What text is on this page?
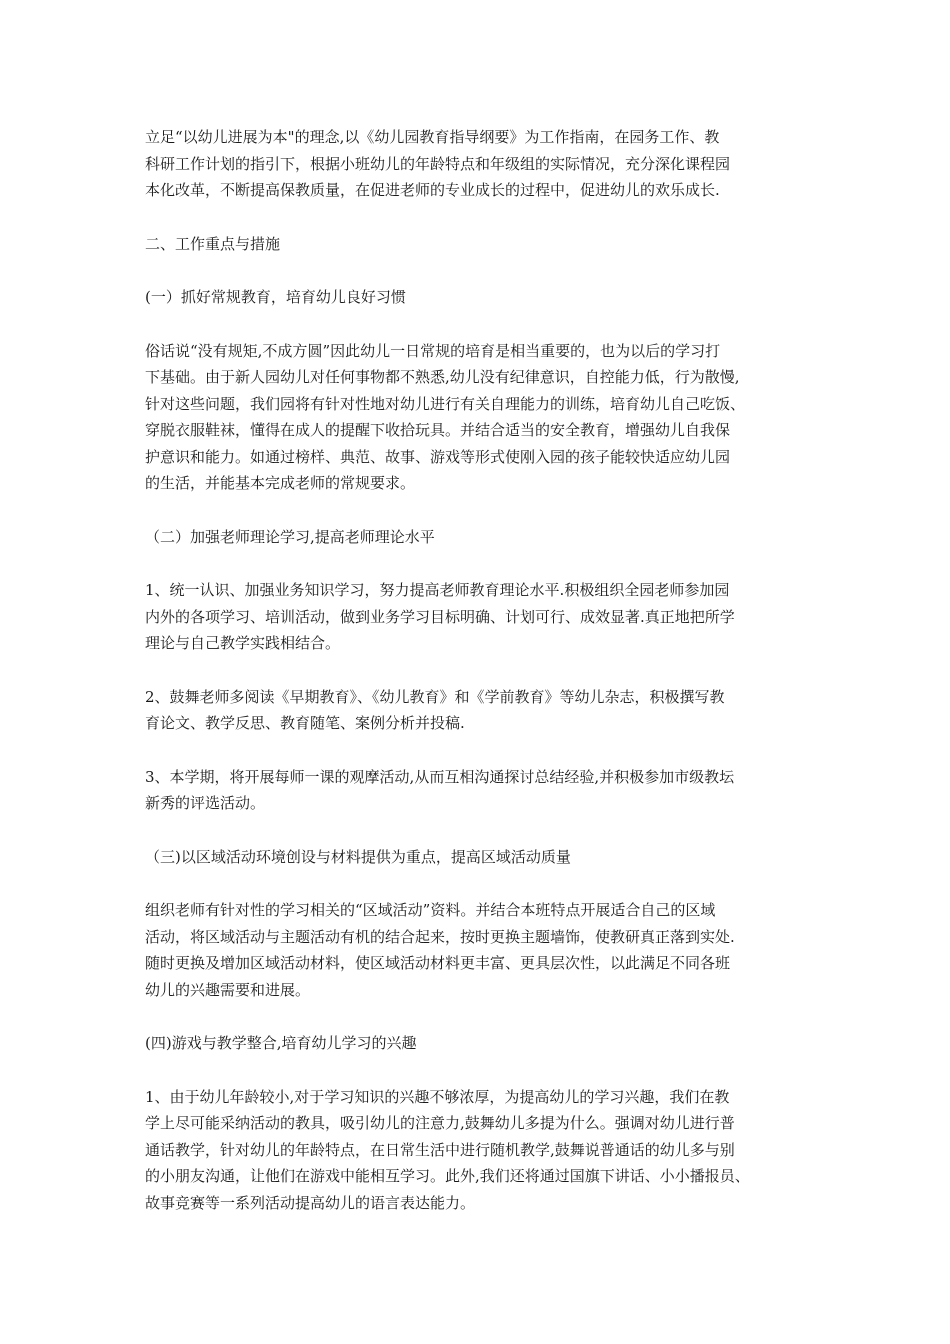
立足“以幼儿进展为本"的理念,以《幼儿园教育指导纲要》为工作指南，在园务工作、教
科研工作计划的指引下，根据小班幼儿的年龄特点和年级组的实际情况，充分深化课程园
本化改革，不断提高保教质量，在促进老师的专业成长的过程中，促进幼儿的欢乐成长.

二、工作重点与措施

(一）抓好常规教育，培育幼儿良好习惯

俗话说“没有规矩,不成方圆”因此幼儿一日常规的培育是相当重要的，也为以后的学习打
下基础。由于新人园幼儿对任何事物都不熟悉,幼儿没有纪律意识，自控能力低，行为散慢,
针对这些问题，我们园将有针对性地对幼儿进行有关自理能力的训练，培育幼儿自己吃饭、
穿脱衣服鞋袜，懂得在成人的提醒下收拾玩具。并结合适当的安全教育，增强幼儿自我保
护意识和能力。如通过榜样、典范、故事、游戏等形式使刚入园的孩子能较快适应幼儿园
的生活，并能基本完成老师的常规要求。

（二）加强老师理论学习,提高老师理论水平

1、统一认识、加强业务知识学习，努力提高老师教育理论水平.积极组织全园老师参加园
内外的各项学习、培训活动，做到业务学习目标明确、计划可行、成效显著.真正地把所学
理论与自己教学实践相结合。

2、鼓舞老师多阅读《早期教育》、《幼儿教育》和《学前教育》等幼儿杂志，积极撰写教
育论文、教学反思、教育随笔、案例分析并投稿.

3、本学期，将开展每师一课的观摩活动,从而互相沟通探讨总结经验,并积极参加市级教坛
新秀的评选活动。

（三)以区域活动环境创设与材料提供为重点，提高区域活动质量

组织老师有针对性的学习相关的“区域活动”资料。并结合本班特点开展适合自己的区域
活动，将区域活动与主题活动有机的结合起来，按时更换主题墙饰，使教研真正落到实处.
随时更换及增加区域活动材料，使区域活动材料更丰富、更具层次性，以此满足不同各班
幼儿的兴趣需要和进展。

(四)游戏与教学整合,培育幼儿学习的兴趣

1、由于幼儿年龄较小,对于学习知识的兴趣不够浓厚，为提高幼儿的学习兴趣，我们在教
学上尽可能采纳活动的教具，吸引幼儿的注意力,鼓舞幼儿多提为什么。强调对幼儿进行普
通话教学，针对幼儿的年龄特点，在日常生活中进行随机教学,鼓舞说普通话的幼儿多与别
的小朋友沟通，让他们在游戏中能相互学习。此外,我们还将通过国旗下讲话、小小播报员、
故事竞赛等一系列活动提高幼儿的语言表达能力。
